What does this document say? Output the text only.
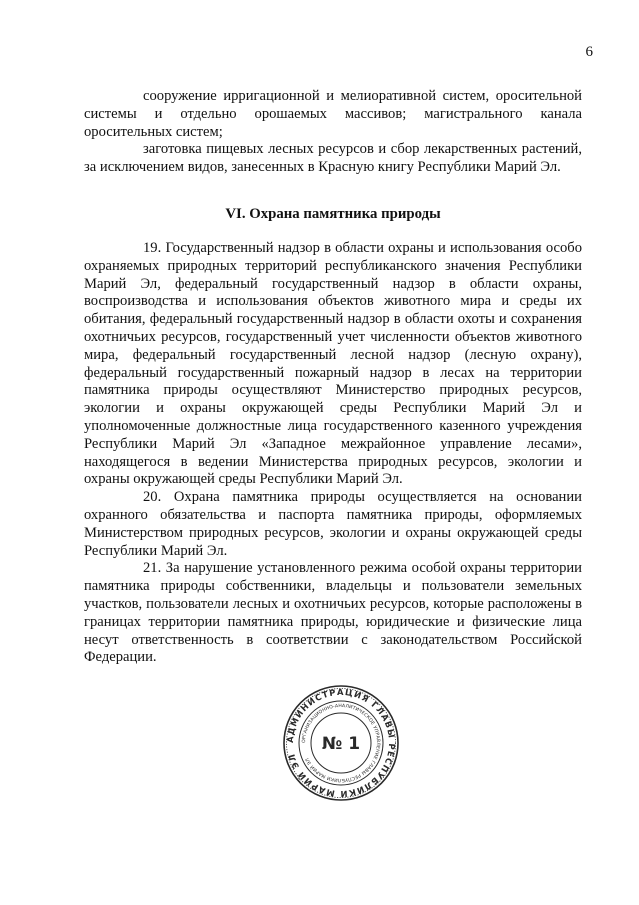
6

сооружение ирригационной и мелиоративной систем, оросительной системы и отдельно орошаемых массивов; магистрального канала оросительных систем;

заготовка пищевых лесных ресурсов и сбор лекарственных растений, за исключением видов, занесенных в Красную книгу Республики Марий Эл.

VI. Охрана памятника природы

19. Государственный надзор в области охраны и использования особо охраняемых природных территорий республиканского значения Республики Марий Эл, федеральный государственный надзор в области охраны, воспроизводства и использования объектов животного мира и среды их обитания, федеральный государственный надзор в области охоты и сохранения охотничьих ресурсов, государственный учет численности объектов животного мира, федеральный государственный лесной надзор (лесную охрану), федеральный государственный пожарный надзор в лесах на территории памятника природы осуществляют Министерство природных ресурсов, экологии и охраны окружающей среды Республики Марий Эл и уполномоченные должностные лица государственного казенного учреждения Республики Марий Эл «Западное межрайонное управление лесами», находящегося в ведении Министерства природных ресурсов, экологии и охраны окружающей среды Республики Марий Эл.

20. Охрана памятника природы осуществляется на основании охранного обязательства и паспорта памятника природы, оформляемых Министерством природных ресурсов, экологии и охраны окружающей среды Республики Марий Эл.

21. За нарушение установленного режима особой охраны территории памятника природы собственники, владельцы и пользователи земельных участков, пользователи лесных и охотничьих ресурсов, которые расположены в границах территории памятника природы, юридические и физические лица несут ответственность в соответствии с законодательством Российской Федерации.

АДМИНИСТРАЦИЯ ГЛАВЫ РЕСПУБЛИКИ МАРИЙ ЭЛ
ОРГАНИЗАЦИОННО-АНАЛИТИЧЕСКОЕ УПРАВЛЕНИЕ ГЛАВЫ РЕСПУБЛИКИ МАРИЙ ЭЛ
№ 1
